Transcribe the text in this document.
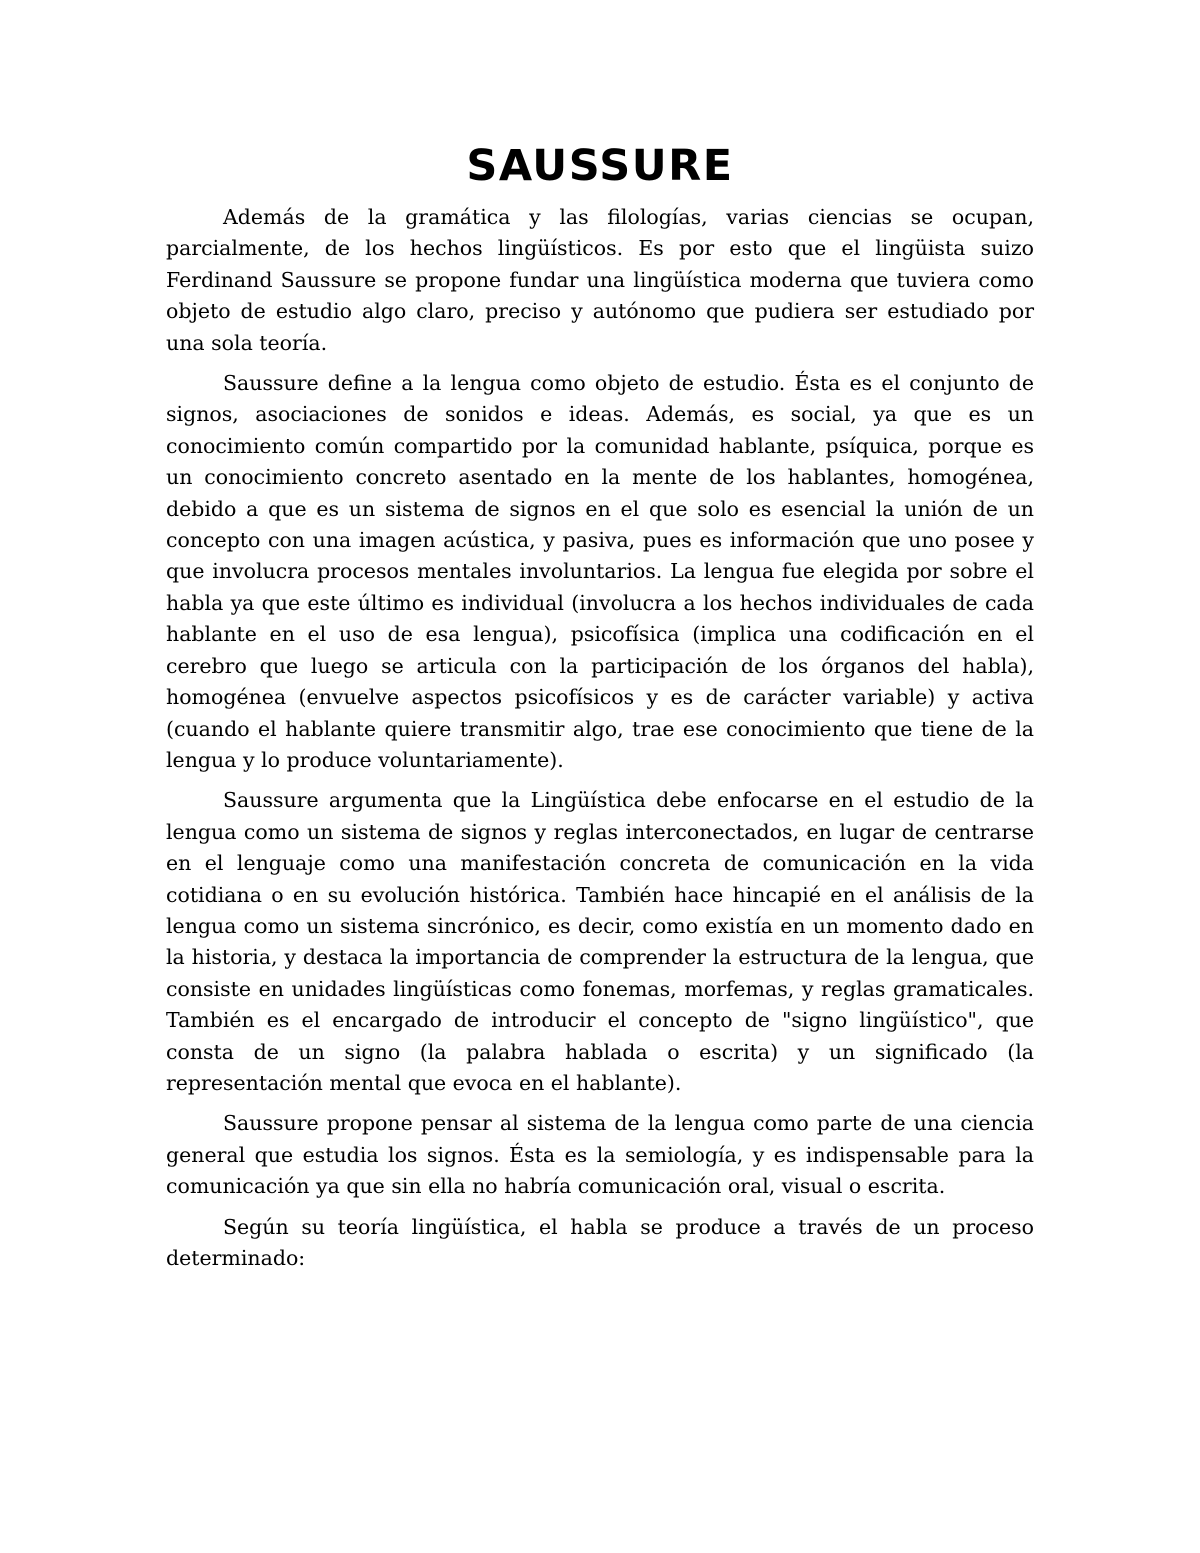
SAUSSURE

Además de la gramática y las filologías, varias ciencias se ocupan, parcialmente, de los hechos lingüísticos. Es por esto que el lingüista suizo Ferdinand Saussure se propone fundar una lingüística moderna que tuviera como objeto de estudio algo claro, preciso y autónomo que pudiera ser estudiado por una sola teoría.

Saussure define a la lengua como objeto de estudio. Ésta es el conjunto de signos, asociaciones de sonidos e ideas. Además, es social, ya que es un conocimiento común compartido por la comunidad hablante, psíquica, porque es un conocimiento concreto asentado en la mente de los hablantes, homogénea, debido a que es un sistema de signos en el que solo es esencial la unión de un concepto con una imagen acústica, y pasiva, pues es información que uno posee y que involucra procesos mentales involuntarios. La lengua fue elegida por sobre el habla ya que este último es individual (involucra a los hechos individuales de cada hablante en el uso de esa lengua), psicofísica (implica una codificación en el cerebro que luego se articula con la participación de los órganos del habla), homogénea (envuelve aspectos psicofísicos y es de carácter variable) y activa (cuando el hablante quiere transmitir algo, trae ese conocimiento que tiene de la lengua y lo produce voluntariamente).

Saussure argumenta que la Lingüística debe enfocarse en el estudio de la lengua como un sistema de signos y reglas interconectados, en lugar de centrarse en el lenguaje como una manifestación concreta de comunicación en la vida cotidiana o en su evolución histórica. También hace hincapié en el análisis de la lengua como un sistema sincrónico, es decir, como existía en un momento dado en la historia, y destaca la importancia de comprender la estructura de la lengua, que consiste en unidades lingüísticas como fonemas, morfemas, y reglas gramaticales. También es el encargado de introducir el concepto de "signo lingüístico", que consta de un signo (la palabra hablada o escrita) y un significado (la representación mental que evoca en el hablante).

Saussure propone pensar al sistema de la lengua como parte de una ciencia general que estudia los signos. Ésta es la semiología, y es indispensable para la comunicación ya que sin ella no habría comunicación oral, visual o escrita.

Según su teoría lingüística, el habla se produce a través de un proceso determinado:
